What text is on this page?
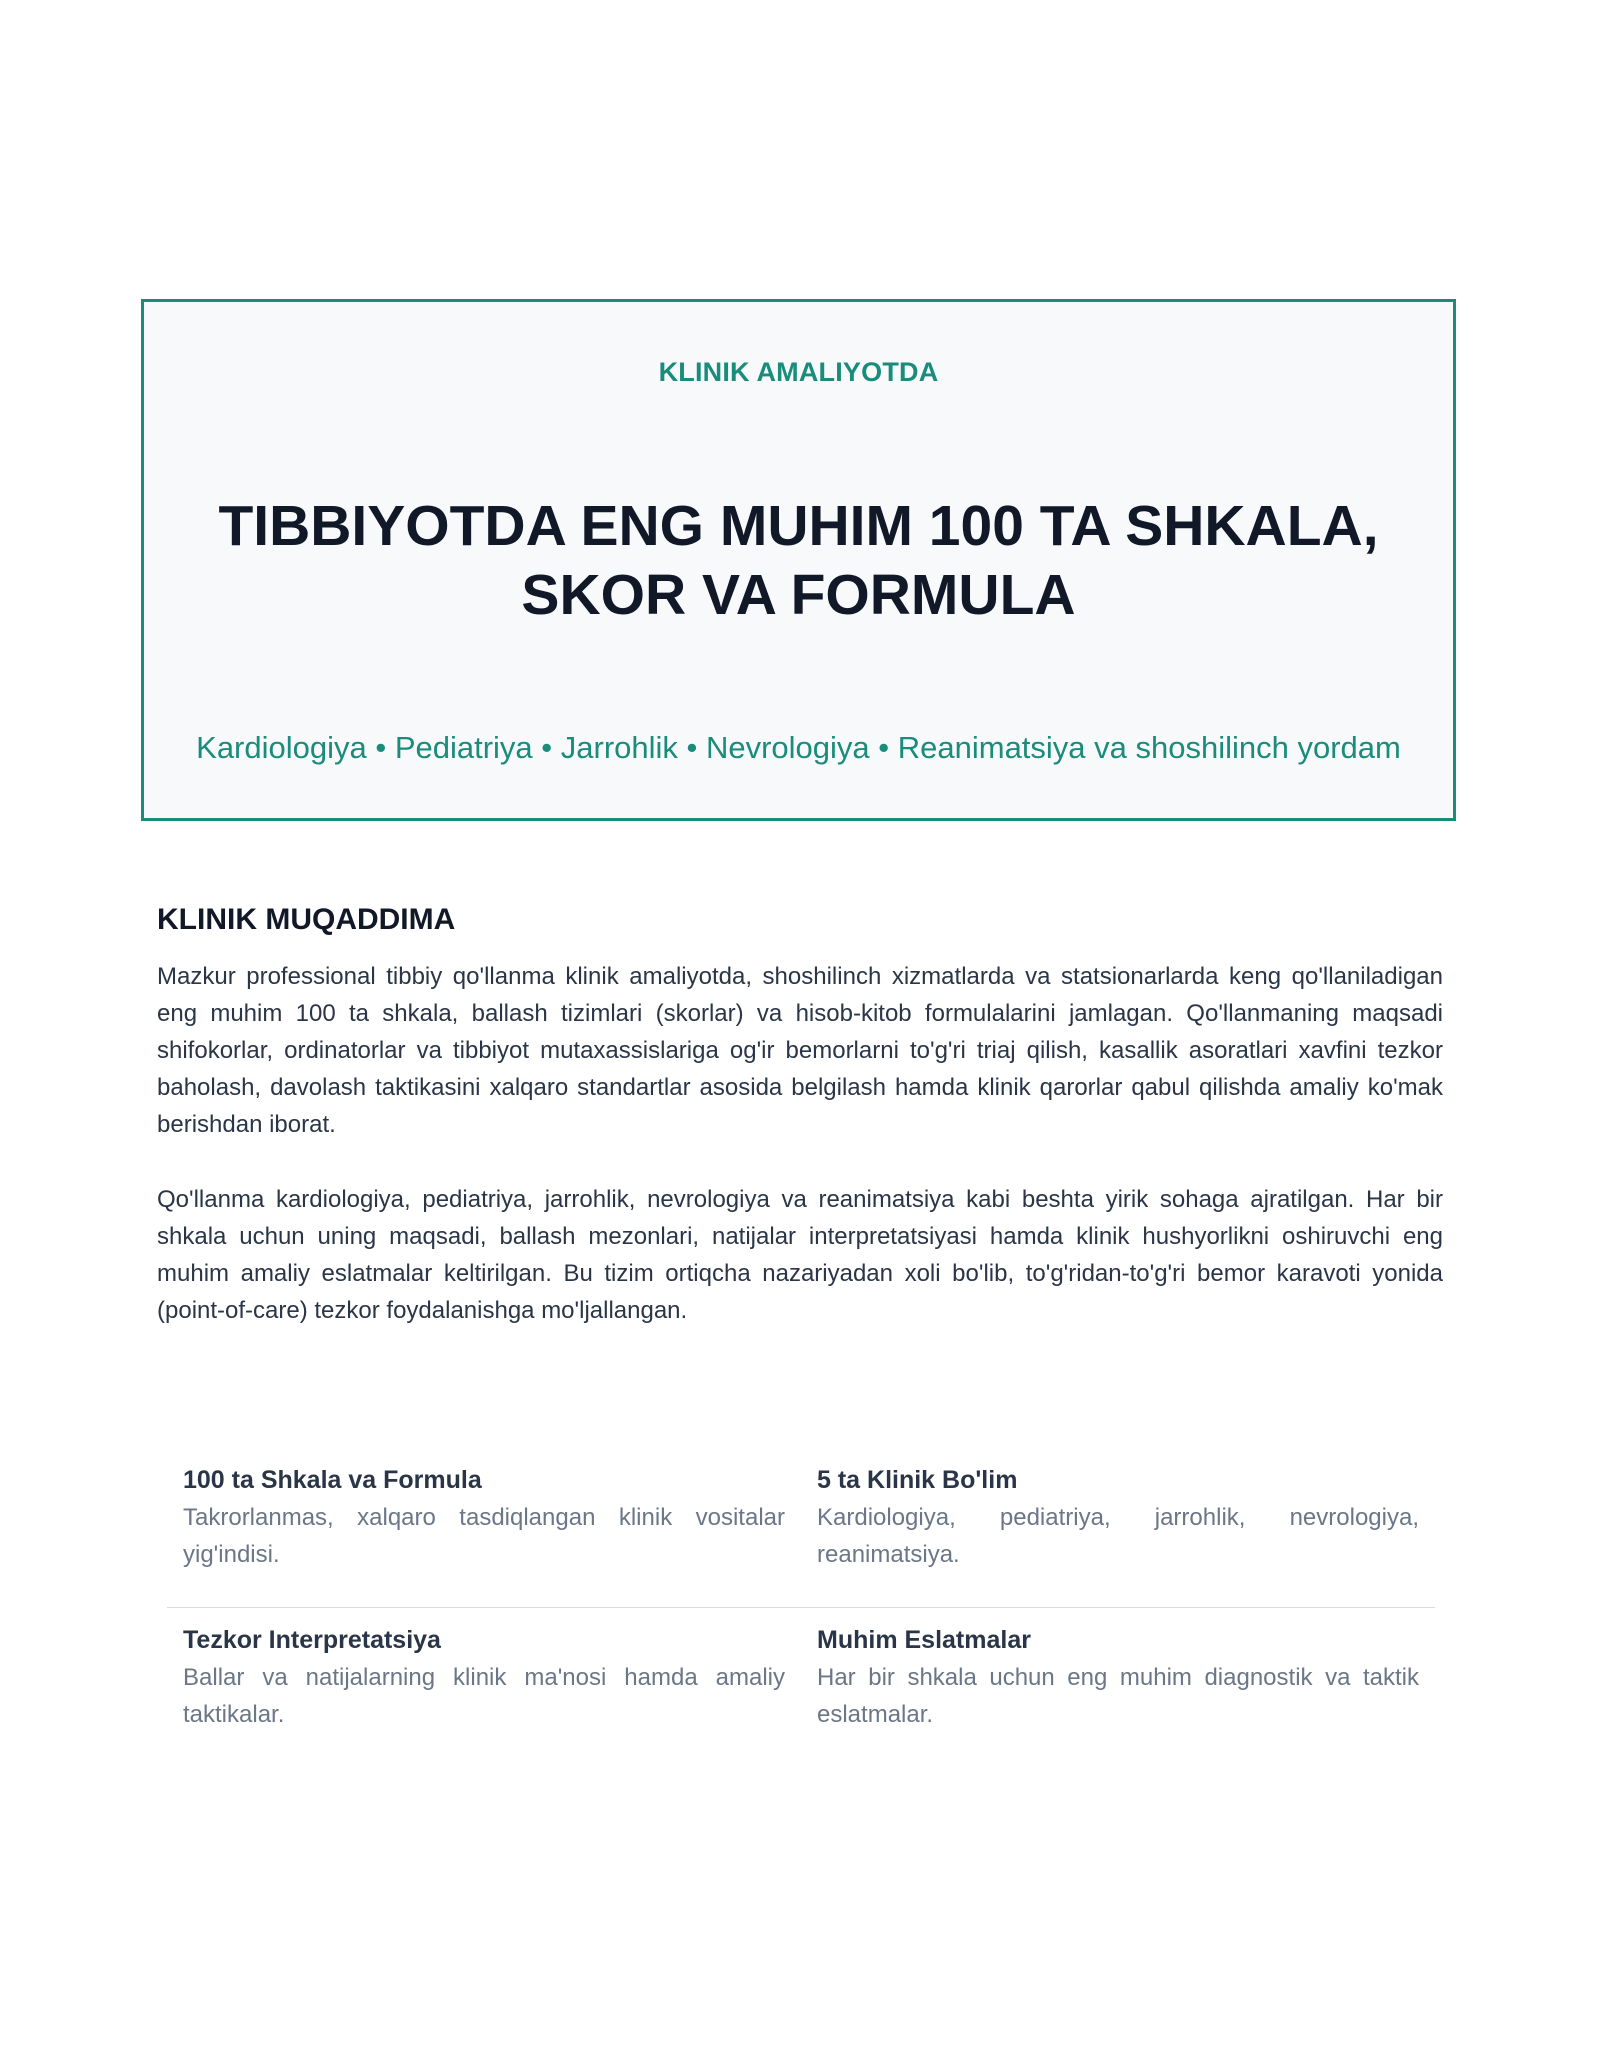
KLINIK AMALIYOTDA
TIBBIYOTDA ENG MUHIM 100 TA SHKALA, SKOR VA FORMULA
Kardiologiya • Pediatriya • Jarrohlik • Nevrologiya • Reanimatsiya va shoshilinch yordam
KLINIK MUQADDIMA

Mazkur professional tibbiy qo'llanma klinik amaliyotda, shoshilinch xizmatlarda va statsionarlarda keng qo'llaniladigan eng muhim 100 ta shkala, ballash tizimlari (skorlar) va hisob-kitob formulalarini jamlagan. Qo'llanmaning maqsadi shifokorlar, ordinatorlar va tibbiyot mutaxassislariga og'ir bemorlarni to'g'ri triaj qilish, kasallik asoratlari xavfini tezkor baholash, davolash taktikasini xalqaro standartlar asosida belgilash hamda klinik qarorlar qabul qilishda amaliy ko'mak berishdan iborat.

Qo'llanma kardiologiya, pediatriya, jarrohlik, nevrologiya va reanimatsiya kabi beshta yirik sohaga ajratilgan. Har bir shkala uchun uning maqsadi, ballash mezonlari, natijalar interpretatsiyasi hamda klinik hushyorlikni oshiruvchi eng muhim amaliy eslatmalar keltirilgan. Bu tizim ortiqcha nazariyadan xoli bo'lib, to'g'ridan-to'g'ri bemor karavoti yonida (point-of-care) tezkor foydalanishga mo'ljallangan.

100 ta Shkala va Formula
Takrorlanmas, xalqaro tasdiqlangan klinik vositalar yig'indisi.
5 ta Klinik Bo'lim
Kardiologiya, pediatriya, jarrohlik, nevrologiya, reanimatsiya.
Tezkor Interpretatsiya
Ballar va natijalarning klinik ma'nosi hamda amaliy taktikalar.
Muhim Eslatmalar
Har bir shkala uchun eng muhim diagnostik va taktik eslatmalar.
